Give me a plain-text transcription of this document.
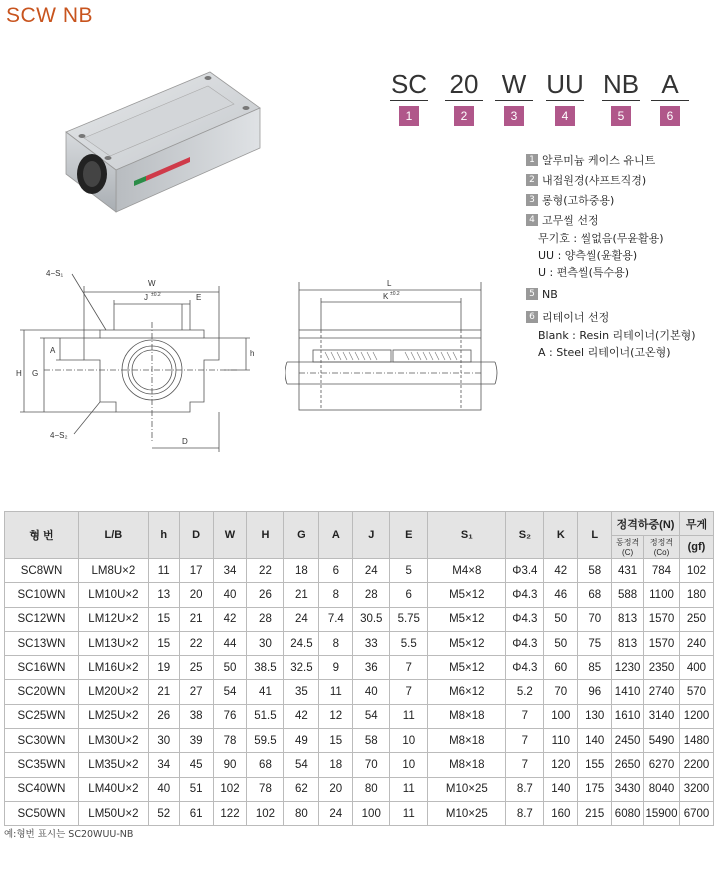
SCW NB
SC
1
20
2
W
3
UU
4
NB
5
A
6
1 알루미늄 케이스 유니트
2 내접원경(샤프트직경)
3 롱형(고하중용)
4 고무씰 선정
무기호 : 씰없음(무윤활용)
UU : 양측씰(윤활용)
U : 편측씰(특수용)
5 NB
6 리테이너 선정
Blank : Resin 리테이너(기본형)
A : Steel 리테이너(고온형)
4−S₁
W
J ±0.2	E
A
G
H
h
D
4−S₂
L
K ±0.2
형 번	L/B	h	D	W	H	G	A	J	E	S₁	S₂	K	L	정격하중(N)		무게
														동정격(C)	정정격(Co)	(gf)
SC8WN	LM8U×2	11	17	34	22	18	6	24	5	M4×8	Φ3.4	42	58	431	784	102
SC10WN	LM10U×2	13	20	40	26	21	8	28	6	M5×12	Φ4.3	46	68	588	1100	180
SC12WN	LM12U×2	15	21	42	28	24	7.4	30.5	5.75	M5×12	Φ4.3	50	70	813	1570	250
SC13WN	LM13U×2	15	22	44	30	24.5	8	33	5.5	M5×12	Φ4.3	50	75	813	1570	240
SC16WN	LM16U×2	19	25	50	38.5	32.5	9	36	7	M5×12	Φ4.3	60	85	1230	2350	400
SC20WN	LM20U×2	21	27	54	41	35	11	40	7	M6×12	5.2	70	96	1410	2740	570
SC25WN	LM25U×2	26	38	76	51.5	42	12	54	11	M8×18	7	100	130	1610	3140	1200
SC30WN	LM30U×2	30	39	78	59.5	49	15	58	10	M8×18	7	110	140	2450	5490	1480
SC35WN	LM35U×2	34	45	90	68	54	18	70	10	M8×18	7	120	155	2650	6270	2200
SC40WN	LM40U×2	40	51	102	78	62	20	80	11	M10×25	8.7	140	175	3430	8040	3200
SC50WN	LM50U×2	52	61	122	102	80	24	100	11	M10×25	8.7	160	215	6080	15900	6700
예:형번 표시는 SC20WUU-NB
